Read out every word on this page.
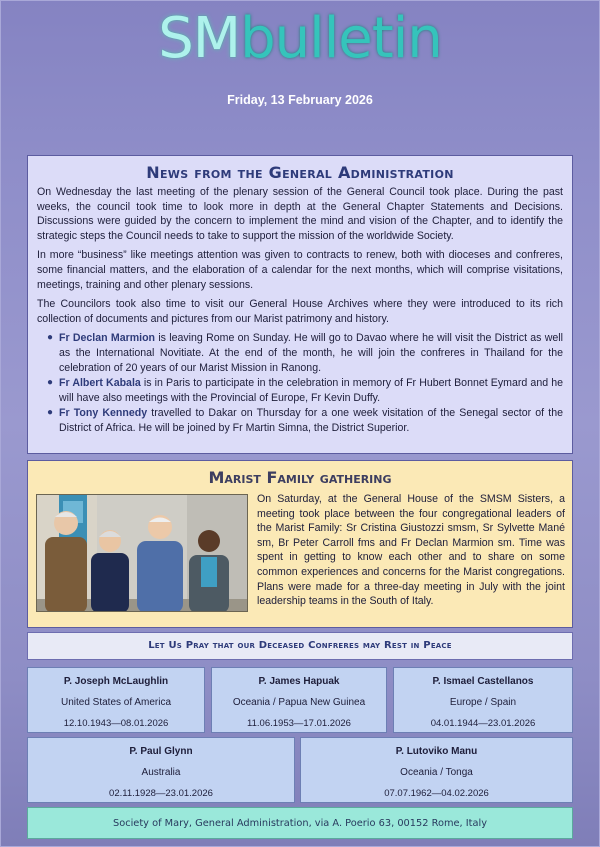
SMbulletin
Friday, 13 February 2026
News from the General Administration

On Wednesday the last meeting of the plenary session of the General Council took place. During the past weeks, the council took time to look more in depth at the General Chapter Statements and Decisions. Discussions were guided by the concern to implement the mind and vision of the Chapter, and to identify the strategic steps the Council needs to take to support the mission of the worldwide Society.

In more “business” like meetings attention was given to contracts to renew, both with dioceses and confreres, some financial matters, and the elaboration of a calendar for the next months, which will comprise visitations, meetings, training and other plenary sessions.

The Councilors took also time to visit our General House Archives where they were introduced to its rich collection of documents and pictures from our Marist patrimony and history.

● Fr Declan Marmion is leaving Rome on Sunday. He will go to Davao where he will visit the District as well as the International Novitiate. At the end of the month, he will join the confreres in Thailand for the celebration of 20 years of our Marist Mission in Ranong.
● Fr Albert Kabala is in Paris to participate in the celebration in memory of Fr Hubert Bonnet Eymard and he will have also meetings with the Provincial of Europe, Fr Kevin Duffy.
● Fr Tony Kennedy travelled to Dakar on Thursday for a one week visitation of the Senegal sector of the District of Africa. He will be joined by Fr Martin Simna, the District Superior.
Marist Family gathering

On Saturday, at the General House of the SMSM Sisters, a meeting took place between the four congregational leaders of the Marist Family: Sr Cristina Giustozzi smsm, Sr Sylvette Mané sm, Br Peter Carroll fms and Fr Declan Marmion sm. Time was spent in getting to know each other and to share on some common experiences and concerns for the Marist congregations. Plans were made for a three-day meeting in July with the joint leadership teams in the South of Italy.

Let Us Pray that our Deceased Confreres may Rest in Peace
P. Joseph McLaughlin
United States of America
12.10.1943—08.01.2026
P. James Hapuak
Oceania / Papua New Guinea
11.06.1953—17.01.2026
P. Ismael Castellanos
Europe / Spain
04.01.1944—23.01.2026
P. Paul Glynn
Australia
02.11.1928—23.01.2026
P. Lutoviko Manu
Oceania / Tonga
07.07.1962—04.02.2026
Society of Mary, General Administration, via A. Poerio 63, 00152 Rome, Italy
